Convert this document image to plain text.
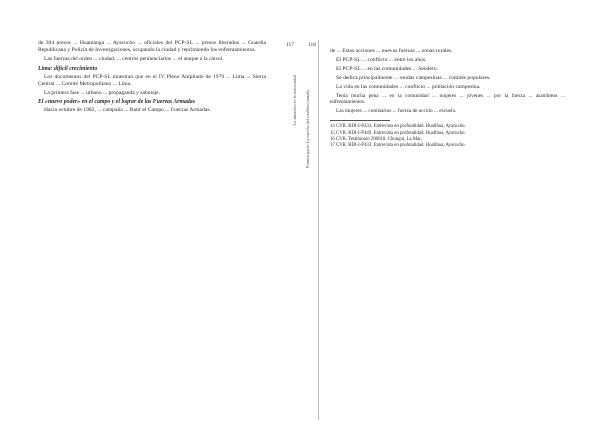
117
La situación en la universidad

de 304 presos ... Huamanga ... Ayacucho ... oficiales del PCP-SL ... presos liberados ... Guardia Republicana y Policía de Investigaciones, ocupando la ciudad y reprimiendo los enfrentamientos.

Las fuerzas del orden ... ciudad, ... centros penitenciarios ... el ataque a la cárcel.

Lima: difícil crecimiento

Los documentos del PCP-SL muestran que en el IV Pleno Ampliado de 1979 ... Lima ... Sierra Central ... Comité Metropolitano ... Lima.

La primera fase ... urbano ... propaganda y sabotaje.

El «nuevo poder» en el campo y el lograr de las Fuerzas Armadas

Hacia octubre de 1982, ... campaña ... Batir el Campo ... Fuerzas Armadas.

118
Primera parte: La marcha del conflicto armado

de ... Estas acciones ... nuevas fuerzas ... zonas rurales.

El PCP-SL ... conflicto ... entre los años.

El PCP-SL ... en las comunidades ... Sendero.

Se dedica principalmente ... rondas campesinas ... comités populares.

La vida en las comunidades ... conflicto ... población campesina.

Tenía mucha pena ... en la comunidad ... mujeres ... jóvenes ... por la fuerza ... asambleas ... enfrentamientos.

Las mujeres ... comisarios ... fuerza de acción ... escuela.

14 CVR. BDI-I-P433. Entrevista en profundidad. Huallhua, Ayacucho.

15 CVR. BDI-I-P449. Entrevista en profundidad. Huallhua, Ayacucho.

16 CVR. Testimonio 200010. Chungui, La Mar.

17 CVR. BDI-I-P433. Entrevista en profundidad. Huallhua, Ayacucho.
